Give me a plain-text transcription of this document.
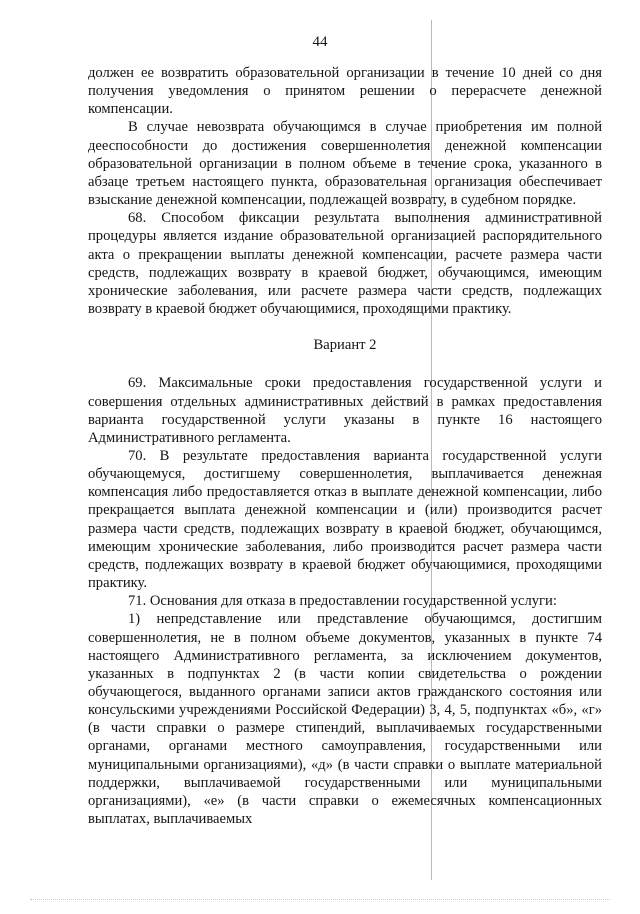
44

должен ее возвратить образовательной организации в течение 10 дней со дня получения уведомления о принятом решении о перерасчете денежной компенсации.

В случае невозврата обучающимся в случае приобретения им полной дееспособности до достижения совершеннолетия денежной компенсации образовательной организации в полном объеме в течение срока, указанного в абзаце третьем настоящего пункта, образовательная организация обеспечивает взыскание денежной компенсации, подлежащей возврату, в судебном порядке.

68. Способом фиксации результата выполнения административной процедуры является издание образовательной организацией распорядительного акта о прекращении выплаты денежной компенсации, расчете размера части средств, подлежащих возврату в краевой бюджет, обучающимся, имеющим хронические заболевания, или расчете размера части средств, подлежащих возврату в краевой бюджет обучающимися, проходящими практику.

Вариант 2

69. Максимальные сроки предоставления государственной услуги и совершения отдельных административных действий в рамках предоставления варианта государственной услуги указаны в пункте 16 настоящего Административного регламента.

70. В результате предоставления варианта государственной услуги обучающемуся, достигшему совершеннолетия, выплачивается денежная компенсация либо предоставляется отказ в выплате денежной компенсации, либо прекращается выплата денежной компенсации и (или) производится расчет размера части средств, подлежащих возврату в краевой бюджет, обучающимся, имеющим хронические заболевания, либо производится расчет размера части средств, подлежащих возврату в краевой бюджет обучающимися, проходящими практику.

71. Основания для отказа в предоставлении государственной услуги:

1) непредставление или представление обучающимся, достигшим совершеннолетия, не в полном объеме документов, указанных в пункте 74 настоящего Административного регламента, за исключением документов, указанных в подпунктах 2 (в части копии свидетельства о рождении обучающегося, выданного органами записи актов гражданского состояния или консульскими учреждениями Российской Федерации) 3, 4, 5, подпунктах «б», «г» (в части справки о размере стипендий, выплачиваемых государственными органами, органами местного самоуправления, государственными или муниципальными организациями), «д» (в части справки о выплате материальной поддержки, выплачиваемой государственными или муниципальными организациями), «е» (в части справки о ежемесячных компенсационных выплатах, выплачиваемых
